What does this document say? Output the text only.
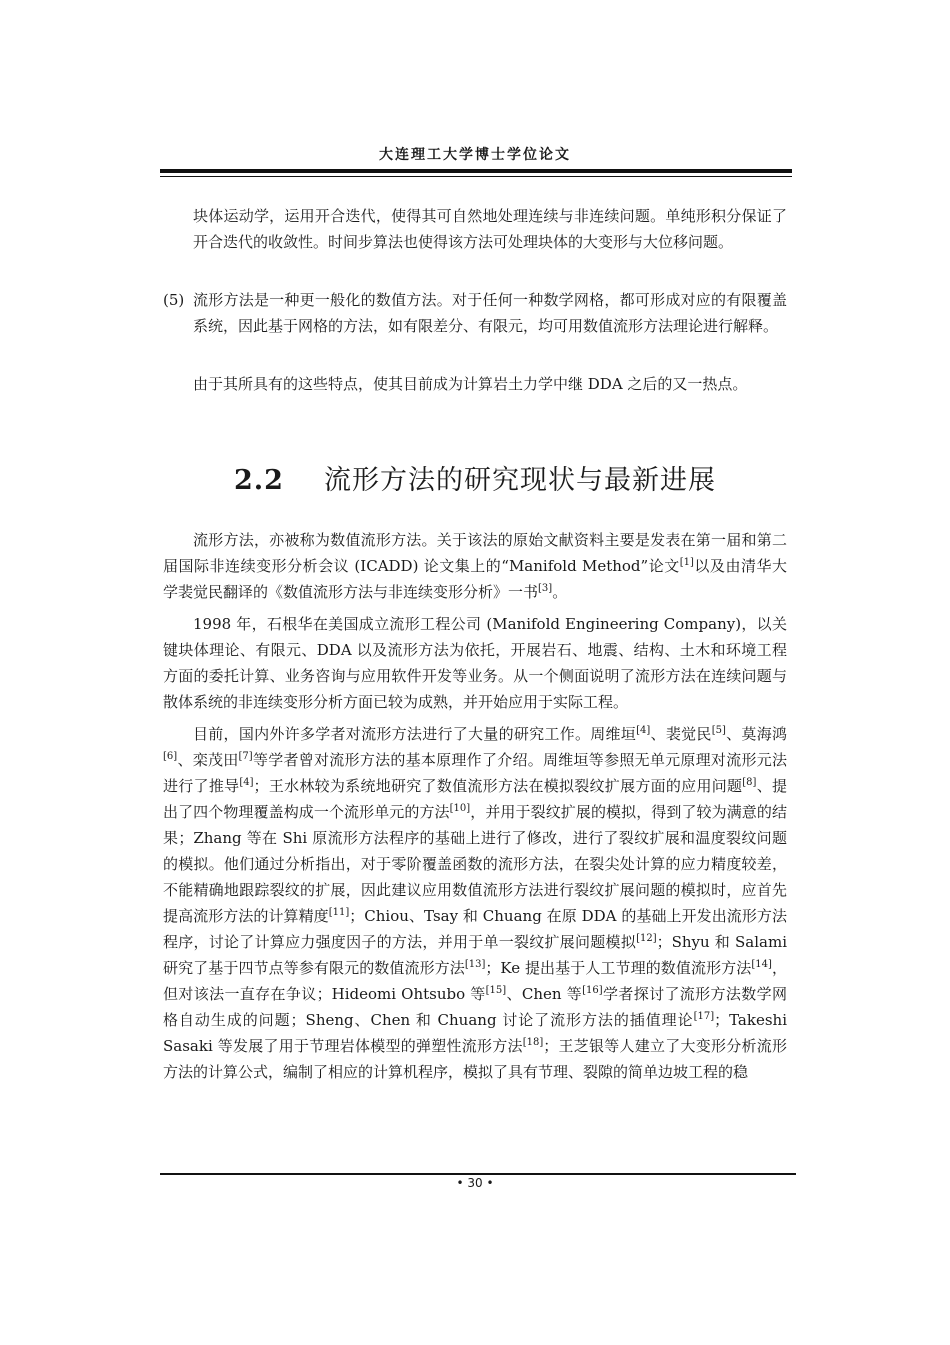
大连理工大学博士学位论文

块体运动学，运用开合迭代，使得其可自然地处理连续与非连续问题。单纯形积分保证了开合迭代的收敛性。时间步算法也使得该方法可处理块体的大变形与大位移问题。

(5) 流形方法是一种更一般化的数值方法。对于任何一种数学网格，都可形成对应的有限覆盖系统，因此基于网格的方法，如有限差分、有限元，均可用数值流形方法理论进行解释。

由于其所具有的这些特点，使其目前成为计算岩土力学中继 DDA 之后的又一热点。

2.2 流形方法的研究现状与最新进展

流形方法，亦被称为数值流形方法。关于该法的原始文献资料主要是发表在第一届和第二届国际非连续变形分析会议 (ICADD) 论文集上的“Manifold Method”论文[1]以及由清华大学裴觉民翻译的《数值流形方法与非连续变形分析》一书[3]。

1998 年，石根华在美国成立流形工程公司 (Manifold Engineering Company)，以关键块体理论、有限元、DDA 以及流形方法为依托，开展岩石、地震、结构、土木和环境工程方面的委托计算、业务咨询与应用软件开发等业务。从一个侧面说明了流形方法在连续问题与散体系统的非连续变形分析方面已较为成熟，并开始应用于实际工程。

目前，国内外许多学者对流形方法进行了大量的研究工作。周维垣[4]、裴觉民[5]、莫海鸿[6]、栾茂田[7]等学者曾对流形方法的基本原理作了介绍。周维垣等参照无单元原理对流形元法进行了推导[4]；王水林较为系统地研究了数值流形方法在模拟裂纹扩展方面的应用问题[8]、提出了四个物理覆盖构成一个流形单元的方法[10]，并用于裂纹扩展的模拟，得到了较为满意的结果；Zhang 等在 Shi 原流形方法程序的基础上进行了修改，进行了裂纹扩展和温度裂纹问题的模拟。他们通过分析指出，对于零阶覆盖函数的流形方法，在裂尖处计算的应力精度较差，不能精确地跟踪裂纹的扩展，因此建议应用数值流形方法进行裂纹扩展问题的模拟时，应首先提高流形方法的计算精度[11]；Chiou、Tsay 和 Chuang 在原 DDA 的基础上开发出流形方法程序，讨论了计算应力强度因子的方法，并用于单一裂纹扩展问题模拟[12]；Shyu 和 Salami 研究了基于四节点等参有限元的数值流形方法[13]；Ke 提出基于人工节理的数值流形方法[14]，但对该法一直存在争议；Hideomi Ohtsubo 等[15]、Chen 等[16]学者探讨了流形方法数学网格自动生成的问题；Sheng、Chen 和 Chuang 讨论了流形方法的插值理论[17]；Takeshi Sasaki 等发展了用于节理岩体模型的弹塑性流形方法[18]；王芝银等人建立了大变形分析流形方法的计算公式，编制了相应的计算机程序，模拟了具有节理、裂隙的简单边坡工程的稳

• 30 •
